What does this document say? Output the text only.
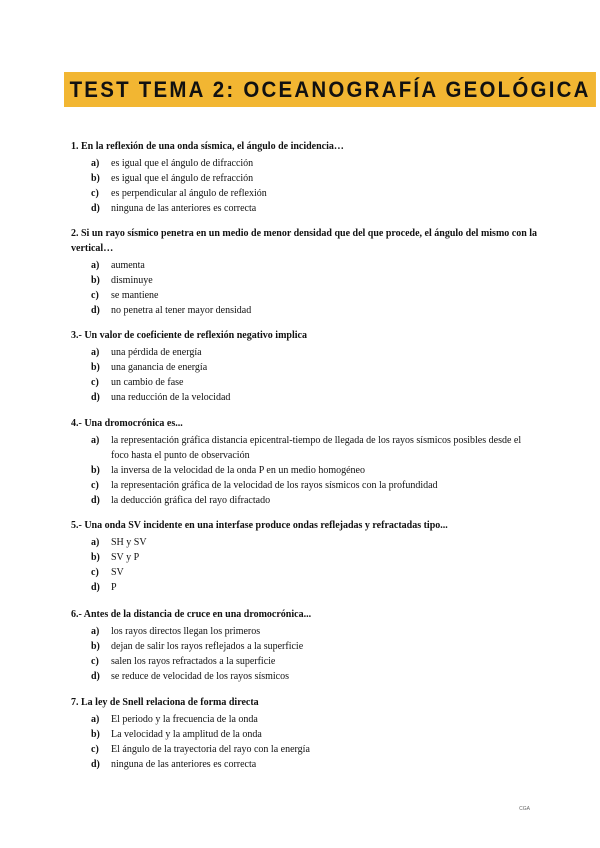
TEST TEMA 2: OCEANOGRAFÍA GEOLÓGICA
1. En la reflexión de una onda sísmica, el ángulo de incidencia…
a) es igual que el ángulo de difracción
b) es igual que el ángulo de refracción
c) es perpendicular al ángulo de reflexión
d) ninguna de las anteriores es correcta
2. Si un rayo sísmico penetra en un medio de menor densidad que del que procede, el ángulo del mismo con la vertical…
a) aumenta
b) disminuye
c) se mantiene
d) no penetra al tener mayor densidad
3.- Un valor de coeficiente de reflexión negativo implica
a) una pérdida de energía
b) una ganancia de energía
c) un cambio de fase
d) una reducción de la velocidad
4.- Una dromocrónica es...
a) la representación gráfica distancia epicentral-tiempo de llegada de los rayos sísmicos posibles desde el foco hasta el punto de observación
b) la inversa de la velocidad de la onda P en un medio homogéneo
c) la representación gráfica de la velocidad de los rayos sísmicos con la profundidad
d) la deducción gráfica del rayo difractado
5.- Una onda SV incidente en una interfase produce ondas reflejadas y refractadas tipo...
a) SH y SV
b) SV y P
c) SV
d) P
6.- Antes de la distancia de cruce en una dromocrónica...
a) los rayos directos llegan los primeros
b) dejan de salir los rayos reflejados a la superficie
c) salen los rayos refractados a la superficie
d) se reduce de velocidad de los rayos sísmicos
7. La ley de Snell relaciona de forma directa
a) El periodo y la frecuencia de la onda
b) La velocidad y la amplitud de la onda
c) El ángulo de la trayectoria del rayo con la energía
d) ninguna de las anteriores es correcta
CGA
